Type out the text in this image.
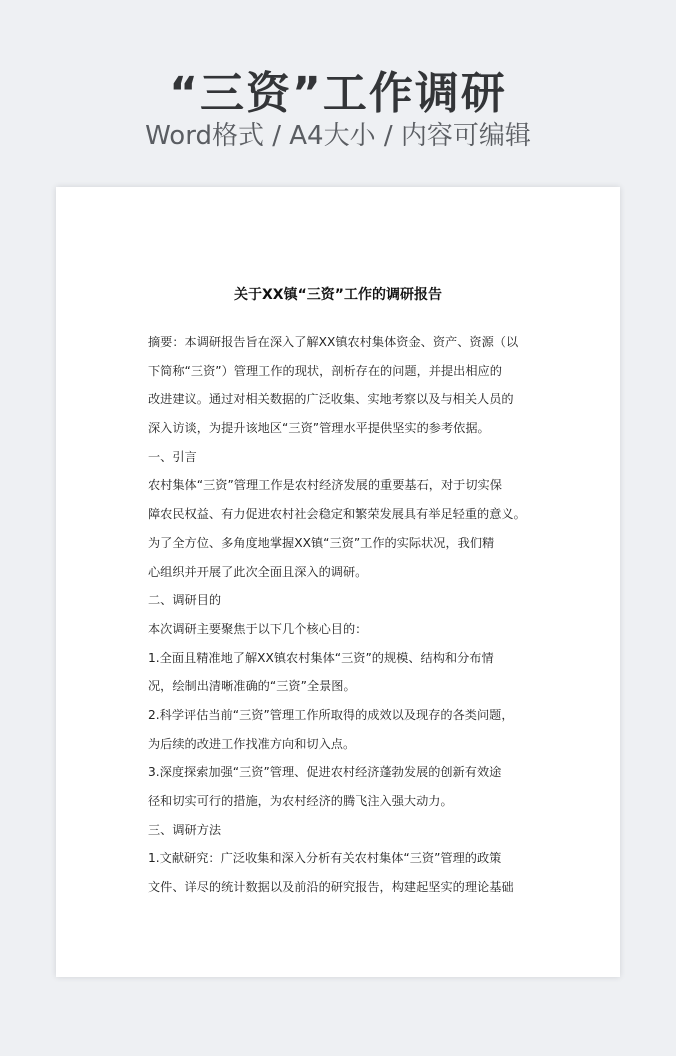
“三资”工作调研
Word格式 / A4大小 / 内容可编辑
关于XX镇“三资”工作的调研报告
摘要：本调研报告旨在深入了解XX镇农村集体资金、资产、资源（以
下简称“三资”）管理工作的现状，剖析存在的问题，并提出相应的
改进建议。通过对相关数据的广泛收集、实地考察以及与相关人员的
深入访谈，为提升该地区“三资”管理水平提供坚实的参考依据。
一、引言
农村集体“三资”管理工作是农村经济发展的重要基石，对于切实保
障农民权益、有力促进农村社会稳定和繁荣发展具有举足轻重的意义。
为了全方位、多角度地掌握XX镇“三资”工作的实际状况，我们精
心组织并开展了此次全面且深入的调研。
二、调研目的
本次调研主要聚焦于以下几个核心目的：
1.全面且精准地了解XX镇农村集体“三资”的规模、结构和分布情
况，绘制出清晰准确的“三资”全景图。
2.科学评估当前“三资”管理工作所取得的成效以及现存的各类问题，
为后续的改进工作找准方向和切入点。
3.深度探索加强“三资”管理、促进农村经济蓬勃发展的创新有效途
径和切实可行的措施，为农村经济的腾飞注入强大动力。
三、调研方法
1.文献研究：广泛收集和深入分析有关农村集体“三资”管理的政策
文件、详尽的统计数据以及前沿的研究报告，构建起坚实的理论基础
